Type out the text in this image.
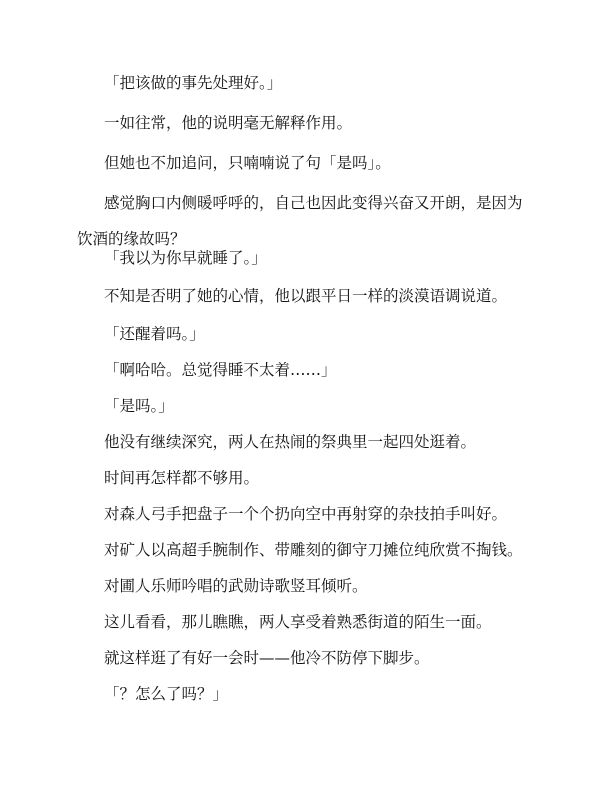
「把该做的事先处理好。」

一如往常，他的说明毫无解释作用。

但她也不加追问，只喃喃说了句「是吗」。

感觉胸口内侧暖呼呼的，自己也因此变得兴奋又开朗，是因为饮酒的缘故吗？

「我以为你早就睡了。」

不知是否明了她的心情，他以跟平日一样的淡漠语调说道。

「还醒着吗。」

「啊哈哈。总觉得睡不太着……」

「是吗。」

他没有继续深究，两人在热闹的祭典里一起四处逛着。

时间再怎样都不够用。

对森人弓手把盘子一个个扔向空中再射穿的杂技拍手叫好。

对矿人以高超手腕制作、带雕刻的御守刀摊位纯欣赏不掏钱。

对圃人乐师吟唱的武勋诗歌竖耳倾听。

这儿看看，那儿瞧瞧，两人享受着熟悉街道的陌生一面。

就这样逛了有好一会时——他冷不防停下脚步。

「？怎么了吗？」
